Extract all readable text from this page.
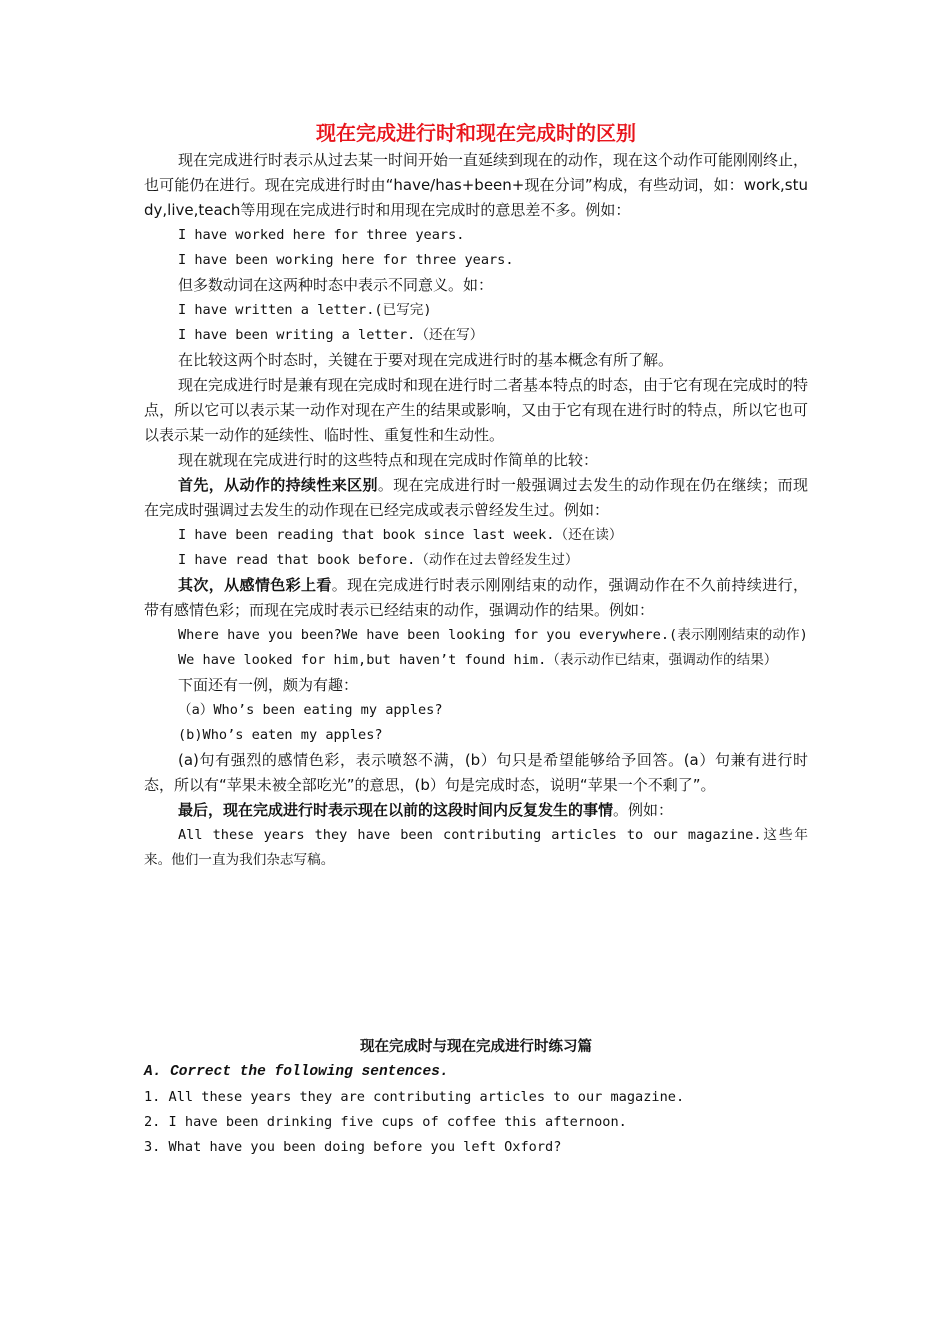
现在完成进行时和现在完成时的区别

现在完成进行时表示从过去某一时间开始一直延续到现在的动作，现在这个动作可能刚刚终止，也可能仍在进行。现在完成进行时由“have/has+been+现在分词”构成，有些动词，如：work,study,live,teach等用现在完成进行时和用现在完成时的意思差不多。例如：

I have worked here for three years.

I have been working here for three years.

但多数动词在这两种时态中表示不同意义。如：

I have written a letter.(已写完)

I have been writing a letter.（还在写）

在比较这两个时态时，关键在于要对现在完成进行时的基本概念有所了解。

现在完成进行时是兼有现在完成时和现在进行时二者基本特点的时态，由于它有现在完成时的特点，所以它可以表示某一动作对现在产生的结果或影响，又由于它有现在进行时的特点，所以它也可以表示某一动作的延续性、临时性、重复性和生动性。

现在就现在完成进行时的这些特点和现在完成时作简单的比较：

首先，从动作的持续性来区别。现在完成进行时一般强调过去发生的动作现在仍在继续；而现在完成时强调过去发生的动作现在已经完成或表示曾经发生过。例如：

I have been reading that book since last week.（还在读）

I have read that book before.（动作在过去曾经发生过）

其次，从感情色彩上看。现在完成进行时表示刚刚结束的动作，强调动作在不久前持续进行，带有感情色彩；而现在完成时表示已经结束的动作，强调动作的结果。例如：

Where have you been?We have been looking for you everywhere.(表示刚刚结束的动作)

We have looked for him,but haven’t found him.（表示动作已结束，强调动作的结果）

下面还有一例，颇为有趣：

（a）Who’s been eating my apples?

(b)Who’s eaten my apples?

(a)句有强烈的感情色彩，表示喷怒不满，(b）句只是希望能够给予回答。(a）句兼有进行时态，所以有“苹果未被全部吃光”的意思，(b）句是完成时态，说明“苹果一个不剩了”。

最后，现在完成进行时表示现在以前的这段时间内反复发生的事情。例如：

All these years they have been contributing articles to our magazine.这些年来。他们一直为我们杂志写稿。

现在完成时与现在完成进行时练习篇

A. Correct the following sentences.

1. All these years they are contributing articles to our magazine.

2. I have been drinking five cups of coffee this afternoon.

3. What have you been doing before you left Oxford?
